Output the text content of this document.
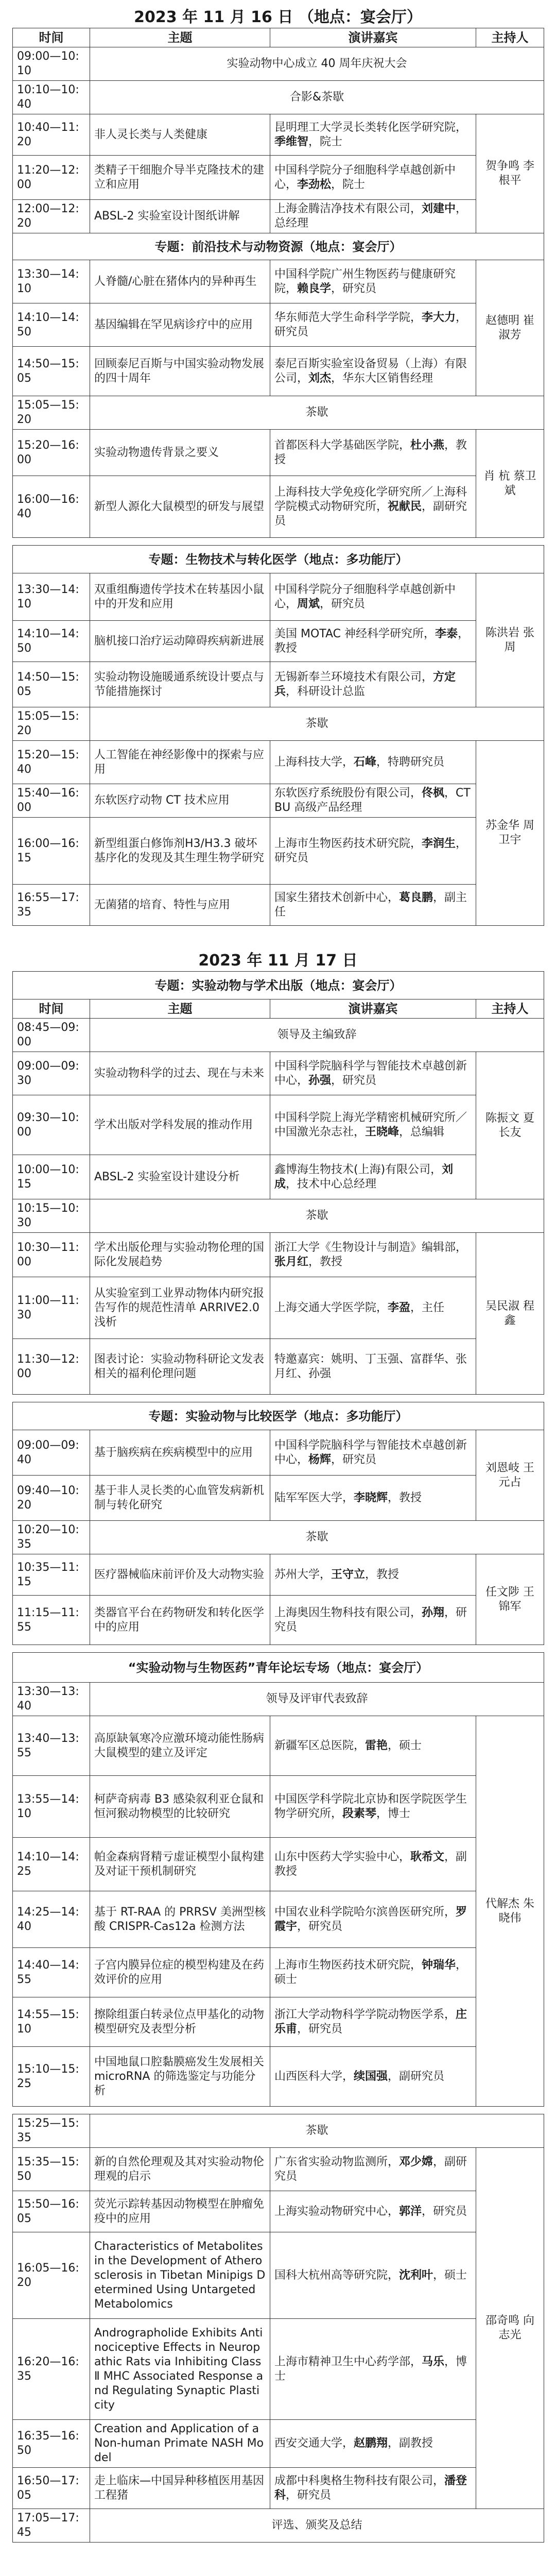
2023 年 11 月 16 日 （地点：宴会厅）
时间	主题	演讲嘉宾	主持人
09:00—10:10	实验动物中心成立 40 周年庆祝大会		
10:10—10:40	合影&茶歇		
10:40—11:20	非人灵长类与人类健康	昆明理工大学灵长类转化医学研究院，季维智，院士	贺争鸣 李根平
11:20—12:00	类精子干细胞介导半克隆技术的建立和应用	中国科学院分子细胞科学卓越创新中心，李劲松，院士	
12:00—12:20	ABSL-2 实验室设计图纸讲解	上海金腾洁净技术有限公司，刘建中，总经理	
专题：前沿技术与动物资源（地点：宴会厅）			
13:30—14:10	人脊髓/心脏在猪体内的异种再生	中国科学院广州生物医药与健康研究院，赖良学，研究员	赵德明 崔淑芳
14:10—14:50	基因编辑在罕见病诊疗中的应用	华东师范大学生命科学学院，李大力，研究员	
14:50—15:05	回顾泰尼百斯与中国实验动物发展的四十周年	泰尼百斯实验室设备贸易（上海）有限公司，刘杰，华东大区销售经理	
15:05—15:20	茶歇		
15:20—16:00	实验动物遗传背景之要义	首都医科大学基础医学院，杜小燕，教授	肖 杭 蔡卫斌
16:00—16:40	新型人源化大鼠模型的研发与展望	上海科技大学免疫化学研究所／上海科学院模式动物研究所，祝献民，副研究员	
专题：生物技术与转化医学（地点：多功能厅）			
13:30—14:10	双重组酶遗传学技术在转基因小鼠中的开发和应用	中国科学院分子细胞科学卓越创新中心，周斌，研究员	陈洪岩 张 周
14:10—14:50	脑机接口治疗运动障碍疾病新进展	美国 MOTAC 神经科学研究所，李泰，教授	
14:50—15:05	实验动物设施暖通系统设计要点与节能措施探讨	无锡新奉兰环境技术有限公司，方定兵，科研设计总监	
15:05—15:20	茶歇		
15:20—15:40	人工智能在神经影像中的探索与应用	上海科技大学，石峰，特聘研究员	苏金华 周卫宇
15:40—16:00	东软医疗动物 CT 技术应用	东软医疗系统股份有限公司，佟枫，CT BU 高级产品经理	
16:00—16:15	新型组蛋白修饰剂H3/H3.3 破坏基序化的发现及其生理生物学研究	上海市生物医药技术研究院，李润生，研究员	
16:55—17:35	无菌猪的培育、特性与应用	国家生猪技术创新中心，葛良鹏，副主任	
2023 年 11 月 17 日
专题：实验动物与学术出版（地点：宴会厅）			
时间	主题	演讲嘉宾	主持人
08:45—09:00	领导及主编致辞		
09:00—09:30	实验动物科学的过去、现在与未来	中国科学院脑科学与智能技术卓越创新中心，孙强，研究员	陈振文 夏长友
09:30—10:00	学术出版对学科发展的推动作用	中国科学院上海光学精密机械研究所／中国激光杂志社，王晓峰，总编辑	
10:00—10:15	ABSL-2 实验室设计建设分析	鑫博海生物技术(上海)有限公司，刘成，技术中心总经理	
10:15—10:30	茶歇		
10:30—11:00	学术出版伦理与实验动物伦理的国际化发展趋势	浙江大学《生物设计与制造》编辑部，张月红，教授	吴民淑 程 鑫
11:00—11:30	从实验室到工业界动物体内研究报告写作的规范性清单 ARRIVE2.0 浅析	上海交通大学医学院，李盈，主任	
11:30—12:00	图表讨论：实验动物科研论文发表相关的福利伦理问题	特邀嘉宾：姚明、丁玉强、富群华、张月红、孙强	
专题：实验动物与比较医学（地点：多功能厅）			
09:00—09:40	基于脑疾病在疾病模型中的应用	中国科学院脑科学与智能技术卓越创新中心，杨辉，研究员	刘恩岐 王元占
09:40—10:20	基于非人灵长类的心血管发病新机制与转化研究	陆军军医大学，李晓辉，教授	
10:20—10:35	茶歇		
10:35—11:15	医疗器械临床前评价及大动物实验	苏州大学，王守立，教授	任文陟 王锦军
11:15—11:55	类器官平台在药物研发和转化医学中的应用	上海奥因生物科技有限公司，孙翔，研究员	
“实验动物与生物医药”青年论坛专场（地点：宴会厅）			
13:30—13:40	领导及评审代表致辞		
13:40—13:55	高原缺氧寒冷应激环境动能性肠病大鼠模型的建立及评定	新疆军区总医院，雷艳，硕士	代解杰 朱晓伟
13:55—14:10	柯萨奇病毒 B3 感染叙利亚仓鼠和恒河猴动物模型的比较研究	中国医学科学院北京协和医学院医学生物学研究所，段素琴，博士	
14:10—14:25	帕金森病肾精亏虚证模型小鼠构建及对证干预机制研究	山东中医药大学实验中心，耿希文，副教授	
14:25—14:40	基于 RT-RAA 的 PRRSV 美洲型核酸 CRISPR-Cas12a 检测方法	中国农业科学院哈尔滨兽医研究所，罗霞宇，研究员	
14:40—14:55	子宫内膜异位症的模型构建及在药效评价的应用	上海市生物医药技术研究院，钟瑞华，硕士	
14:55—15:10	擦除组蛋白转录位点甲基化的动物模型研究及表型分析	浙江大学动物科学学院动物医学系，庄乐甫，研究员	
15:10—15:25	中国地鼠口腔黏膜癌发生发展相关 microRNA 的筛选鉴定与功能分析	山西医科大学，续国强，副研究员	
15:25—15:35	茶歇		
15:35—15:50	新的自然伦理观及其对实验动物伦理观的启示	广东省实验动物监测所，邓少嫦，副研究员	邵奇鸣 向志光
15:50—16:05	荧光示踪转基因动物模型在肿瘤免疫中的应用	上海实验动物研究中心，郭洋，研究员	
16:05—16:20	Characteristics of Metabolites in the Development of Atherosclerosis in Tibetan Minipigs Determined Using Untargeted Metabolomics	国科大杭州高等研究院，沈利叶，硕士	
16:20—16:35	Andrographolide Exhibits Antinociceptive Effects in Neuropathic Rats via Inhibiting Class Ⅱ MHC Associated Response and Regulating Synaptic Plasticity	上海市精神卫生中心药学部，马乐，博士	
16:35—16:50	Creation and Application of a Non-human Primate NASH Model	西安交通大学，赵鹏翔，副教授	
16:50—17:05	走上临床—中国异种移植医用基因工程猪	成都中科奥格生物科技有限公司，潘登科，研究员	
17:05—17:45	评选、颁奖及总结		
